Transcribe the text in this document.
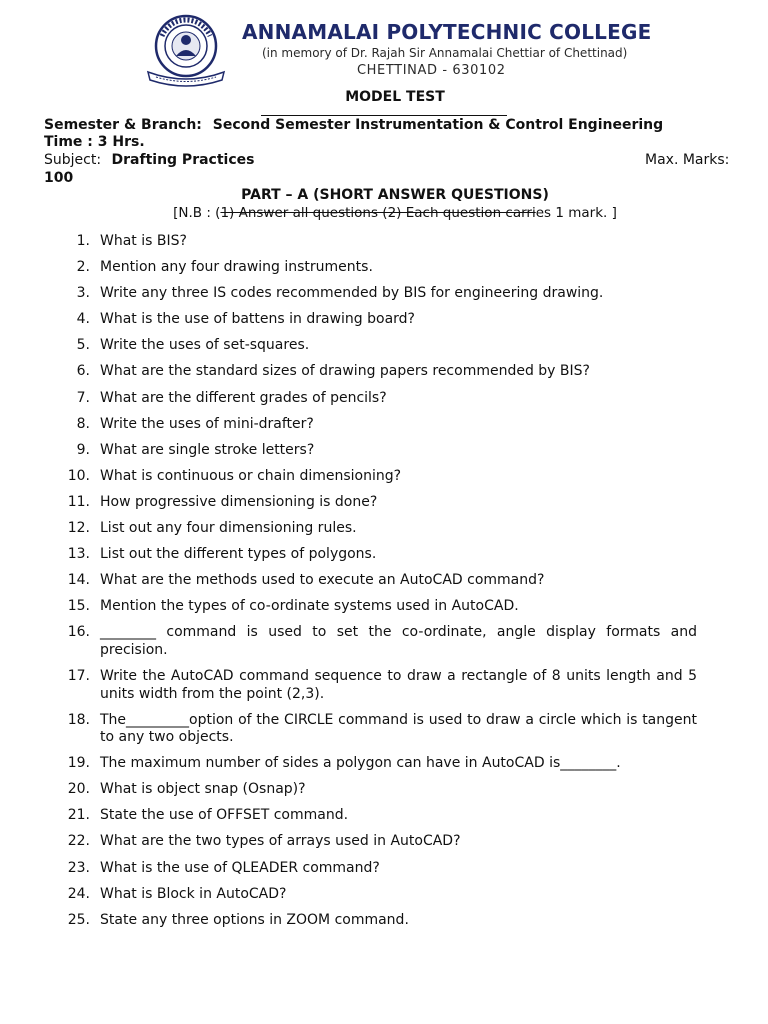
ANNAMALAI POLYTECHNIC COLLEGE
(in memory of Dr. Rajah Sir Annamalai Chettiar of Chettinad)
CHETTINAD - 630102
MODEL TEST
Semester & Branch: Second Semester Instrumentation & Control Engineering
Time : 3 Hrs.
Subject: Drafting Practices	Max. Marks:
100
PART – A (SHORT ANSWER QUESTIONS)
[N.B : (1) Answer all questions (2) Each question carries 1 mark. ]
1. What is BIS?
2. Mention any four drawing instruments.
3. Write any three IS codes recommended by BIS for engineering drawing.
4. What is the use of battens in drawing board?
5. Write the uses of set-squares.
6. What are the standard sizes of drawing papers recommended by BIS?
7. What are the different grades of pencils?
8. Write the uses of mini-drafter?
9. What are single stroke letters?
10. What is continuous or chain dimensioning?
11. How progressive dimensioning is done?
12. List out any four dimensioning rules.
13. List out the different types of polygons.
14. What are the methods used to execute an AutoCAD command?
15. Mention the types of co-ordinate systems used in AutoCAD.
16. ________ command is used to set the co-ordinate, angle display formats and precision.
17. Write the AutoCAD command sequence to draw a rectangle of 8 units length and 5 units width from the point (2,3).
18. The_________option of the CIRCLE command is used to draw a circle which is tangent to any two objects.
19. The maximum number of sides a polygon can have in AutoCAD is________.
20. What is object snap (Osnap)?
21. State the use of OFFSET command.
22. What are the two types of arrays used in AutoCAD?
23. What is the use of QLEADER command?
24. What is Block in AutoCAD?
25. State any three options in ZOOM command.
